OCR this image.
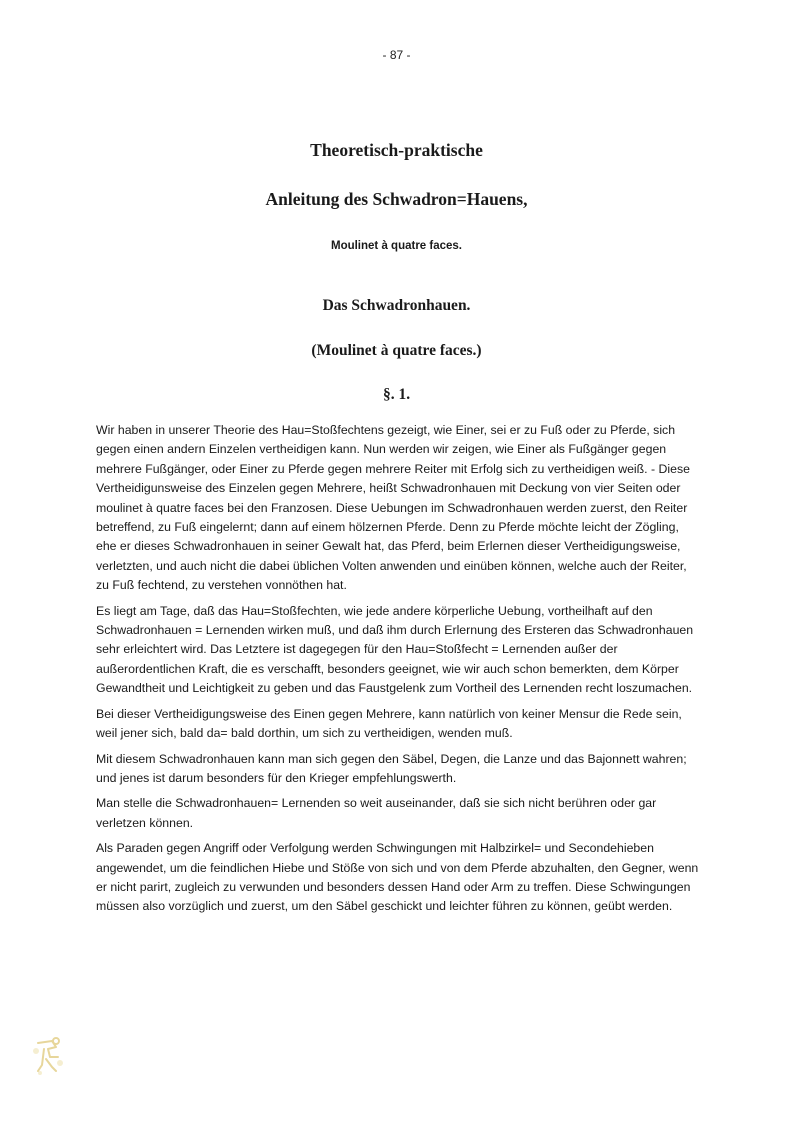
- 87 -
Theoretisch-praktische
Anleitung des Schwadron=Hauens,
Moulinet à quatre faces.
Das Schwadronhauen.
(Moulinet à quatre faces.)
§. 1.

Wir haben in unserer Theorie des Hau=Stoßfechtens gezeigt, wie Einer, sei er zu Fuß oder zu Pferde, sich gegen einen andern Einzelen vertheidigen kann. Nun werden wir zeigen, wie Einer als Fußgänger gegen mehrere Fußgänger, oder Einer zu Pferde gegen mehrere Reiter mit Erfolg sich zu vertheidigen weiß. - Diese Vertheidigunsweise des Einzelen gegen Mehrere, heißt Schwadronhauen mit Deckung von vier Seiten oder moulinet à quatre faces bei den Franzosen. Diese Uebungen im Schwadronhauen werden zuerst, den Reiter betreffend, zu Fuß eingelernt; dann auf einem hölzernen Pferde. Denn zu Pferde möchte leicht der Zögling, ehe er dieses Schwadronhauen in seiner Gewalt hat, das Pferd, beim Erlernen dieser Vertheidigungsweise, verletzten, und auch nicht die dabei üblichen Volten anwenden und einüben können, welche auch der Reiter, zu Fuß fechtend, zu verstehen vonnöthen hat.

Es liegt am Tage, daß das Hau=Stoßfechten, wie jede andere körperliche Uebung, vortheilhaft auf den Schwadronhauen = Lernenden wirken muß, und daß ihm durch Erlernung des Ersteren das Schwadronhauen sehr erleichtert wird. Das Letztere ist dagegegen für den Hau=Stoßfecht = Lernenden außer der außerordentlichen Kraft, die es verschafft, besonders geeignet, wie wir auch schon bemerkten, dem Körper Gewandtheit und Leichtigkeit zu geben und das Faustgelenk zum Vortheil des Lernenden recht loszumachen.

Bei dieser Vertheidigungsweise des Einen gegen Mehrere, kann natürlich von keiner Mensur die Rede sein, weil jener sich, bald da= bald dorthin, um sich zu vertheidigen, wenden muß.

Mit diesem Schwadronhauen kann man sich gegen den Säbel, Degen, die Lanze und das Bajonnett wahren; und jenes ist darum besonders für den Krieger empfehlungswerth.

Man stelle die Schwadronhauen= Lernenden so weit auseinander, daß sie sich nicht berühren oder gar verletzen können.

Als Paraden gegen Angriff oder Verfolgung werden Schwingungen mit Halbzirkel= und Secondehieben angewendet, um die feindlichen Hiebe und Stöße von sich und von dem Pferde abzuhalten, den Gegner, wenn er nicht parirt, zugleich zu verwunden und besonders dessen Hand oder Arm zu treffen. Diese Schwingungen müssen also vorzüglich und zuerst, um den Säbel geschickt und leichter führen zu können, geübt werden.
